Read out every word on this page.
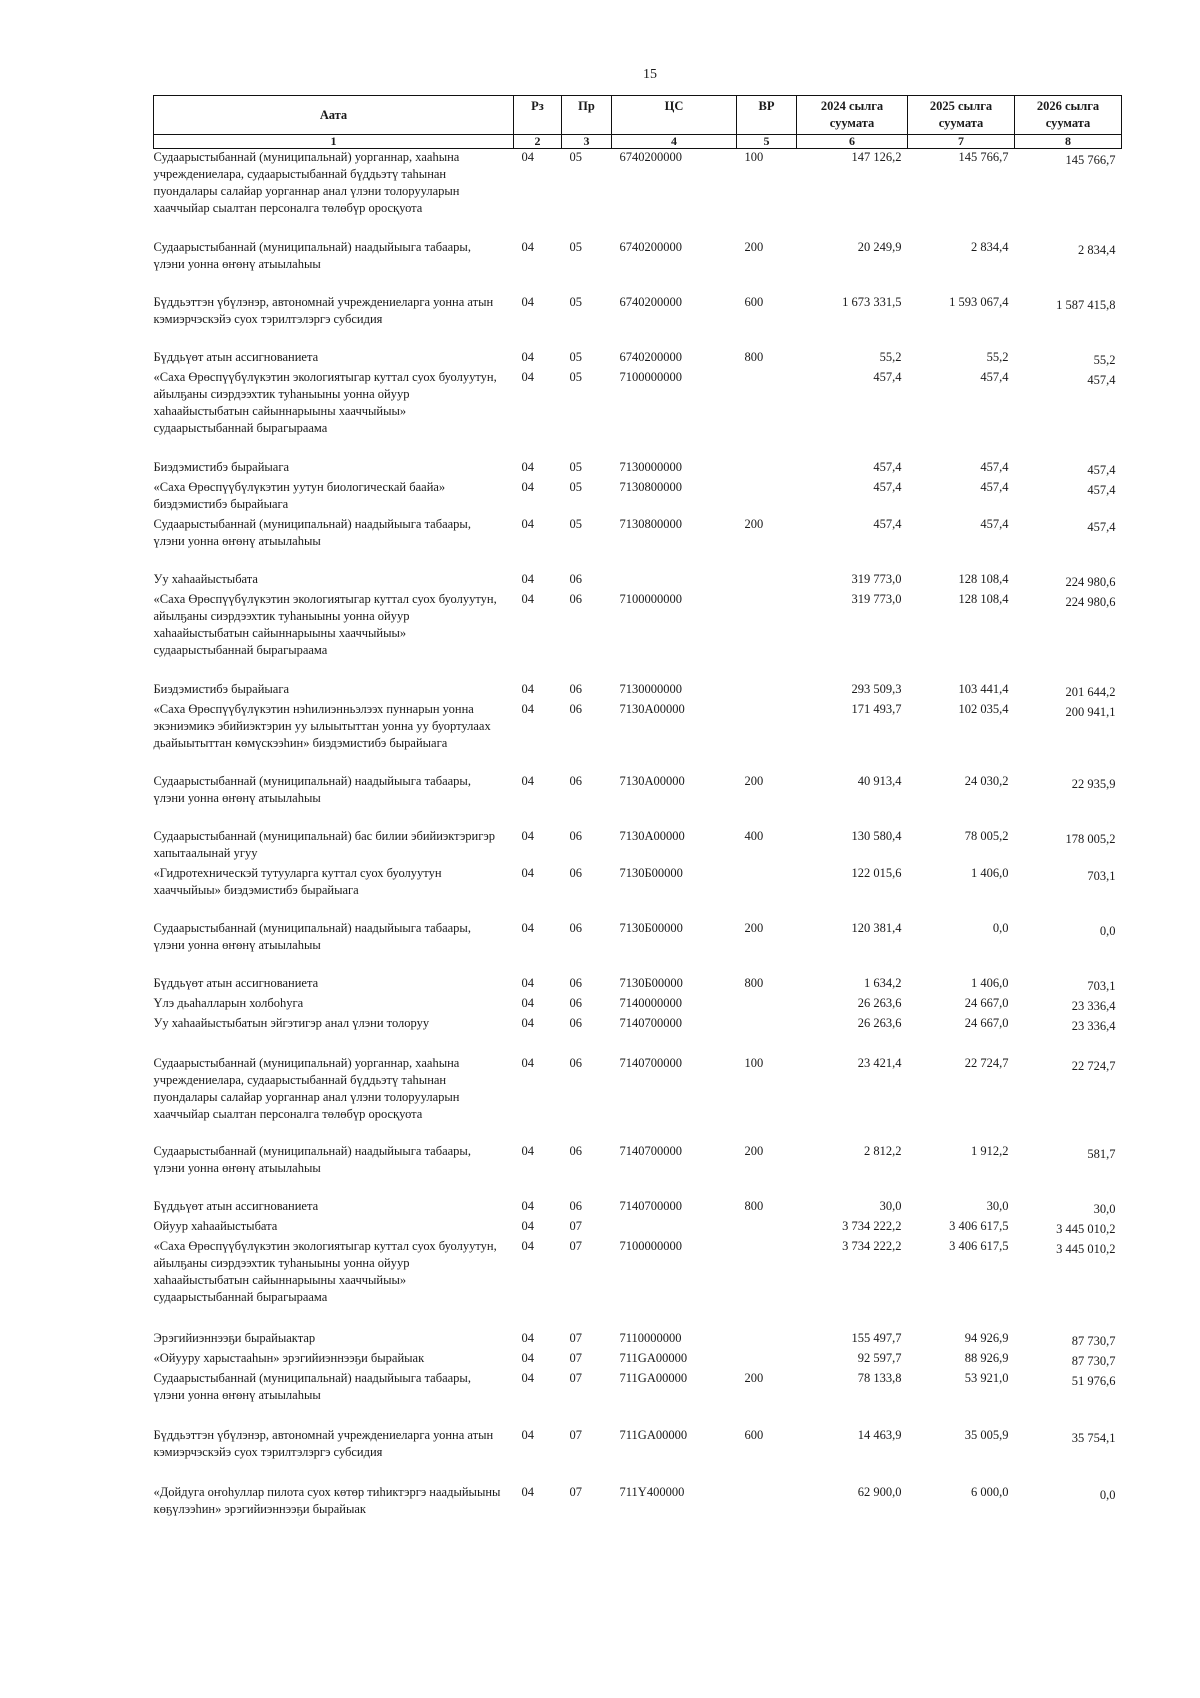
15
Аата	Рз	Пр	ЦС	ВР	2024 сылга суумата	2025 сылга суумата	2026 сылга суумата
1	2	3	4	5	6	7	8
Судаарыстыбаннай (муниципальнай) уорганнар, хааһына учреждениелара, судаарыстыбаннай бүддьэтү таһынан пуондалары салайар уорганнар анал үлэни толорууларын хааччыйар сыалтан персоналга төлөбүр оросқуота	04	05	6740200000	100	147 126,2	145 766,7	145 766,7
Судаарыстыбаннай (муниципальнай) наадыйыыга табаары, үлэни уонна өҥөнү атыылаһыы	04	05	6740200000	200	20 249,9	2 834,4	2 834,4
Бүддьэттэн үбүлэнэр, автономнай учреждениеларга уонна атын кэмиэрчэскэйэ суох тэрилтэлэргэ субсидия	04	05	6740200000	600	1 673 331,5	1 593 067,4	1 587 415,8
Бүддьүөт атын ассигнованиета	04	05	6740200000	800	55,2	55,2	55,2
«Саха Өрөспүүбүлүкэтин экологиятыгар куттал суох буолуутун, айылҕаны сиэрдээхтик туһаныыны уонна ойуур хаһаайыстыбатын сайыннарыыны хааччыйыы» судаарыстыбаннай бырагыраама	04	05	7100000000		457,4	457,4	457,4
Биэдэмистибэ бырайыага	04	05	7130000000		457,4	457,4	457,4
«Саха Өрөспүүбүлүкэтин уутун биологическай баайа» биэдэмистибэ бырайыага	04	05	7130800000		457,4	457,4	457,4
Судаарыстыбаннай (муниципальнай) наадыйыыга табаары, үлэни уонна өҥөнү атыылаһыы	04	05	7130800000	200	457,4	457,4	457,4
Уу хаһаайыстыбата	04	06			319 773,0	128 108,4	224 980,6
«Саха Өрөспүүбүлүкэтин экологиятыгар куттал суох буолуутун, айылҕаны сиэрдээхтик туһаныыны уонна ойуур хаһаайыстыбатын сайыннарыыны хааччыйыы» судаарыстыбаннай бырагыраама	04	06	7100000000		319 773,0	128 108,4	224 980,6
Биэдэмистибэ бырайыага	04	06	7130000000		293 509,3	103 441,4	201 644,2
«Саха Өрөспүүбүлүкэтин нэһилиэнньэлээх пуннарын уонна экэниэмикэ эбийиэктэрин уу ылыытыттан уонна уу буортулаах дьайыытыттан көмүскээһин» биэдэмистибэ бырайыага	04	06	7130А00000		171 493,7	102 035,4	200 941,1
Судаарыстыбаннай (муниципальнай) наадыйыыга табаары, үлэни уонна өҥөнү атыылаһыы	04	06	7130А00000	200	40 913,4	24 030,2	22 935,9
Судаарыстыбаннай (муниципальнай) бас билии эбийиэктэригэр хапытаалынай угуу	04	06	7130А00000	400	130 580,4	78 005,2	178 005,2
«Гидротехническэй тутууларга куттал суох буолуутун хааччыйыы» биэдэмистибэ бырайыага	04	06	7130Б00000		122 015,6	1 406,0	703,1
Судаарыстыбаннай (муниципальнай) наадыйыыга табаары, үлэни уонна өҥөнү атыылаһыы	04	06	7130Б00000	200	120 381,4	0,0	0,0
Бүддьүөт атын ассигнованиета	04	06	7130Б00000	800	1 634,2	1 406,0	703,1
Үлэ дьаһалларын холбоһуга	04	06	7140000000		26 263,6	24 667,0	23 336,4
Уу хаһаайыстыбатын эйгэтигэр анал үлэни толоруу	04	06	7140700000		26 263,6	24 667,0	23 336,4
Судаарыстыбаннай (муниципальнай) уорганнар, хааһына учреждениелара, судаарыстыбаннай бүддьэтү таһынан пуондалары салайар уорганнар анал үлэни толорууларын хааччыйар сыалтан персоналга төлөбүр оросқуота	04	06	7140700000	100	23 421,4	22 724,7	22 724,7
Судаарыстыбаннай (муниципальнай) наадыйыыга табаары, үлэни уонна өҥөнү атыылаһыы	04	06	7140700000	200	2 812,2	1 912,2	581,7
Бүддьүөт атын ассигнованиета	04	06	7140700000	800	30,0	30,0	30,0
Ойуур хаһаайыстыбата	04	07			3 734 222,2	3 406 617,5	3 445 010,2
«Саха Өрөспүүбүлүкэтин экологиятыгар куттал суох буолуутун, айылҕаны сиэрдээхтик туһаныыны уонна ойуур хаһаайыстыбатын сайыннарыыны хааччыйыы» судаарыстыбаннай бырагыраама	04	07	7100000000		3 734 222,2	3 406 617,5	3 445 010,2
Эрэгийиэннээҕи бырайыактар	04	07	7110000000		155 497,7	94 926,9	87 730,7
«Ойууру харыстааһын» эрэгийиэннээҕи бырайыак	04	07	711GA00000		92 597,7	88 926,9	87 730,7
Судаарыстыбаннай (муниципальнай) наадыйыыга табаары, үлэни уонна өҥөнү атыылаһыы	04	07	711GA00000	200	78 133,8	53 921,0	51 976,6
Бүддьэттэн үбүлэнэр, автономнай учреждениеларга уонна атын кэмиэрчэскэйэ суох тэрилтэлэргэ субсидия	04	07	711GA00000	600	14 463,9	35 005,9	35 754,1
«Дойдуга оҥоһуллар пилота суох көтөр тиһиктэргэ наадыйыыны көҕүлээһин» эрэгийиэннээҕи бырайыак	04	07	711Y400000		62 900,0	6 000,0	0,0
